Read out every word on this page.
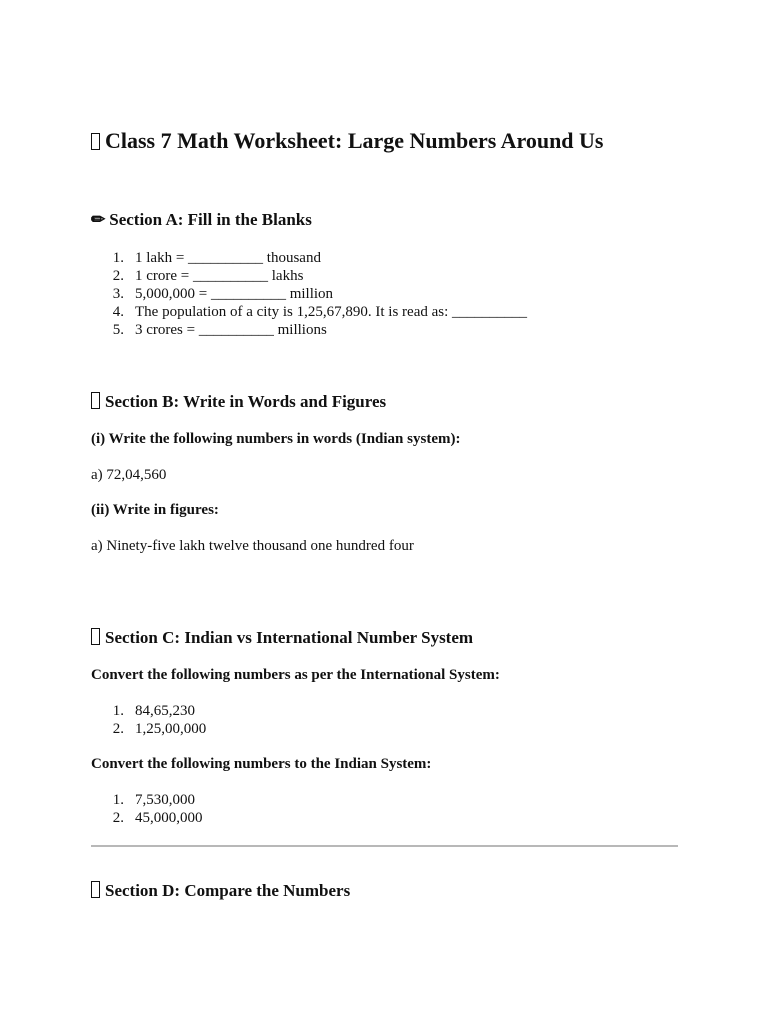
Class 7 Math Worksheet: Large Numbers Around Us
✏ Section A: Fill in the Blanks
1. 1 lakh = __________ thousand
2. 1 crore = __________ lakhs
3. 5,000,000 = __________ million
4. The population of a city is 1,25,67,890. It is read as: __________
5. 3 crores = __________ millions
Section B: Write in Words and Figures

(i) Write the following numbers in words (Indian system):

a) 72,04,560

(ii) Write in figures:

a) Ninety-five lakh twelve thousand one hundred four

Section C: Indian vs International Number System

Convert the following numbers as per the International System:

1. 84,65,230
2. 1,25,00,000

Convert the following numbers to the Indian System:

1. 7,530,000
2. 45,000,000
Section D: Compare the Numbers
